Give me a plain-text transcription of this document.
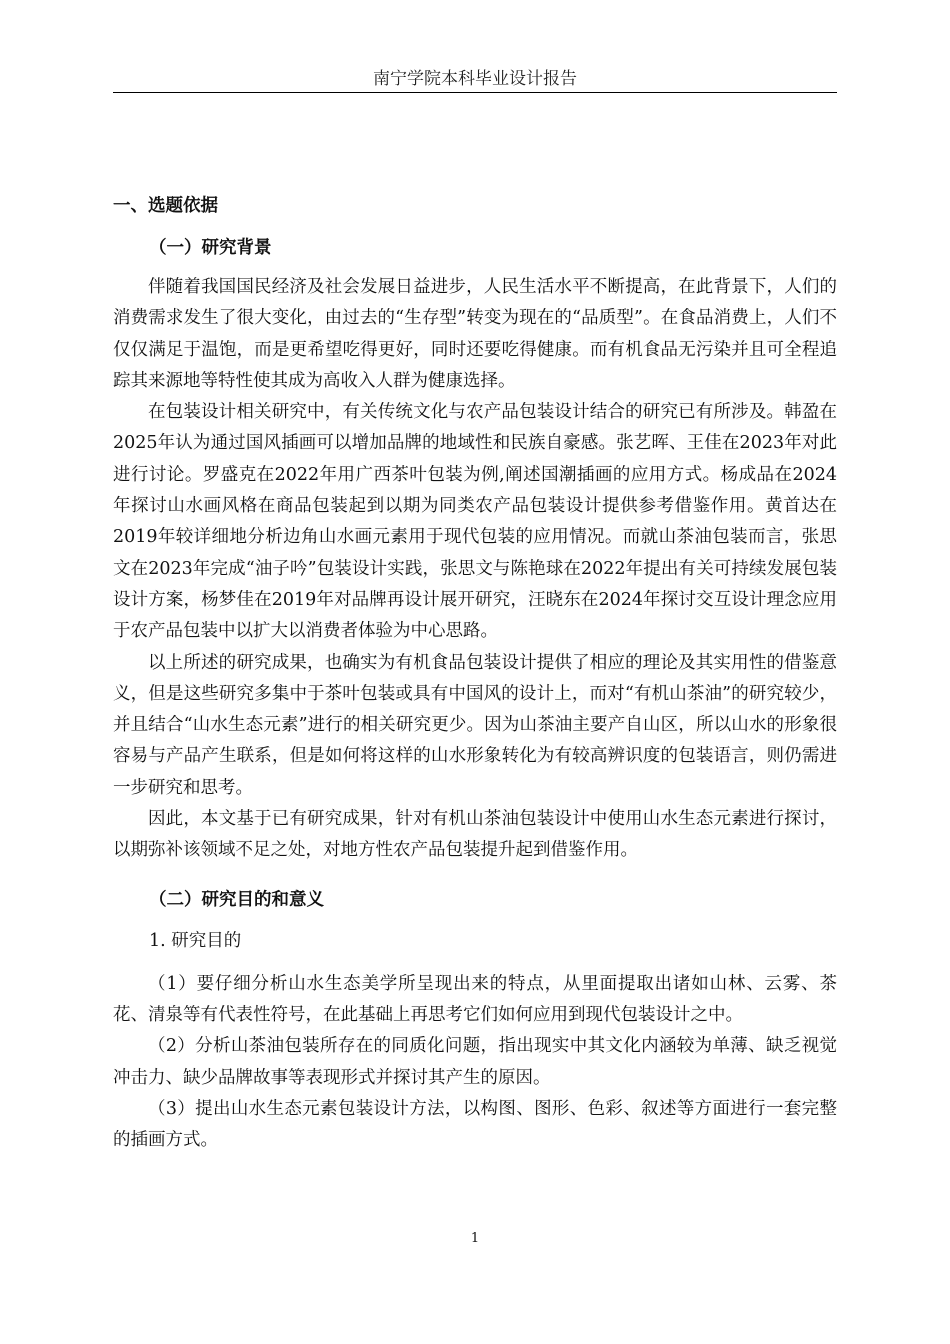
南宁学院本科毕业设计报告
一、选题依据
（一）研究背景

伴随着我国国民经济及社会发展日益进步，人民生活水平不断提高，在此背景下，人们的消费需求发生了很大变化，由过去的“生存型”转变为现在的“品质型”。在食品消费上，人们不仅仅满足于温饱，而是更希望吃得更好，同时还要吃得健康。而有机食品无污染并且可全程追踪其来源地等特性使其成为高收入人群为健康选择。

在包装设计相关研究中，有关传统文化与农产品包装设计结合的研究已有所涉及。韩盈在2025年认为通过国风插画可以增加品牌的地域性和民族自豪感。张艺晖、王佳在2023年对此进行讨论。罗盛克在2022年用广西茶叶包装为例,阐述国潮插画的应用方式。杨成品在2024年探讨山水画风格在商品包装起到以期为同类农产品包装设计提供参考借鉴作用。黄首达在2019年较详细地分析边角山水画元素用于现代包装的应用情况。而就山茶油包装而言，张思文在2023年完成“油子吟”包装设计实践，张思文与陈艳球在2022年提出有关可持续发展包装设计方案，杨梦佳在2019年对品牌再设计展开研究，汪晓东在2024年探讨交互设计理念应用于农产品包装中以扩大以消费者体验为中心思路。

以上所述的研究成果，也确实为有机食品包装设计提供了相应的理论及其实用性的借鉴意义，但是这些研究多集中于茶叶包装或具有中国风的设计上，而对“有机山茶油”的研究较少，并且结合“山水生态元素”进行的相关研究更少。因为山茶油主要产自山区，所以山水的形象很容易与产品产生联系，但是如何将这样的山水形象转化为有较高辨识度的包装语言，则仍需进一步研究和思考。

因此，本文基于已有研究成果，针对有机山茶油包装设计中使用山水生态元素进行探讨，以期弥补该领域不足之处，对地方性农产品包装提升起到借鉴作用。

（二）研究目的和意义
1. 研究目的

（1）要仔细分析山水生态美学所呈现出来的特点，从里面提取出诸如山林、云雾、茶花、清泉等有代表性符号，在此基础上再思考它们如何应用到现代包装设计之中。

（2）分析山茶油包装所存在的同质化问题，指出现实中其文化内涵较为单薄、缺乏视觉冲击力、缺少品牌故事等表现形式并探讨其产生的原因。

（3）提出山水生态元素包装设计方法，以构图、图形、色彩、叙述等方面进行一套完整的插画方式。

1
